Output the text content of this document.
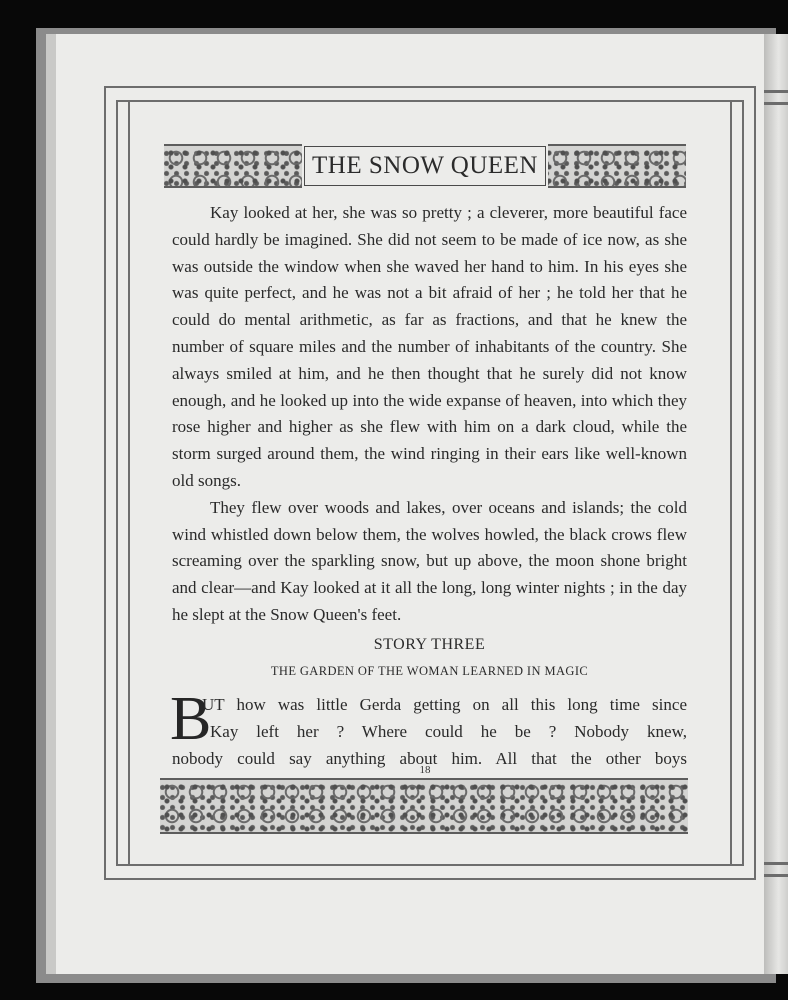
THE SNOW QUEEN

Kay looked at her, she was so pretty ; a cleverer, more beautiful face could hardly be imagined. She did not seem to be made of ice now, as she was outside the window when she waved her hand to him. In his eyes she was quite perfect, and he was not a bit afraid of her ; he told her that he could do mental arithmetic, as far as fractions, and that he knew the number of square miles and the number of inhabitants of the country. She always smiled at him, and he then thought that he surely did not know enough, and he looked up into the wide expanse of heaven, into which they rose higher and higher as she flew with him on a dark cloud, while the storm surged around them, the wind ringing in their ears like well-known old songs.

They flew over woods and lakes, over oceans and islands; the cold wind whistled down below them, the wolves howled, the black crows flew screaming over the sparkling snow, but up above, the moon shone bright and clear—and Kay looked at it all the long, long winter nights ; in the day he slept at the Snow Queen's feet.

STORY THREE
THE GARDEN OF THE WOMAN LEARNED IN MAGIC
B
UT how was little Gerda getting on all this long time since
Kay left her ? Where could he be ? Nobody knew,
nobody could say anything about him. All that the other boys
18
